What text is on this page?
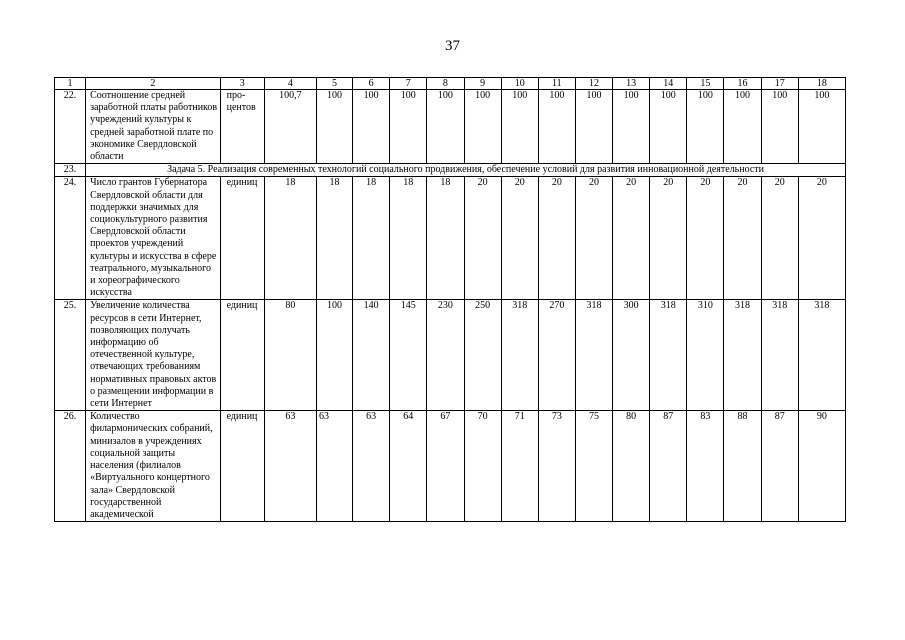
37
1	2	3	4	5	6	7	8	9	10	11	12	13	14	15	16	17	18
22.	Соотношение средней заработной платы работников учреждений культуры к средней заработной плате по экономике Свердловской области	про-центов	100,7	100	100	100	100	100	100	100	100	100	100	100	100	100	100
23.	Задача 5. Реализация современных технологий социального продвижения, обеспечение условий для развития инновационной деятельности																
24.	Число грантов Губернатора Свердловской области для поддержки значимых для социокультурного развития Свердловской области проектов учреждений культуры и искусства в сфере театрального, музыкального и хореографического искусства	единиц	18	18	18	18	18	20	20	20	20	20	20	20	20	20	20
25.	Увеличение количества ресурсов в сети Интернет, позволяющих получать информацию об отечественной культуре, отвечающих требованиям нормативных правовых актов о размещении информации в сети Интернет	единиц	80	100	140	145	230	250	318	270	318	300	318	310	318	318	318
26.	Количество филармонических собраний, минизалов в учреждениях социальной защиты населения (филиалов «Виртуального концертного зала» Свердловской государственной академической	единиц	63	63	63	64	67	70	71	73	75	80	87	83	88	87	90
